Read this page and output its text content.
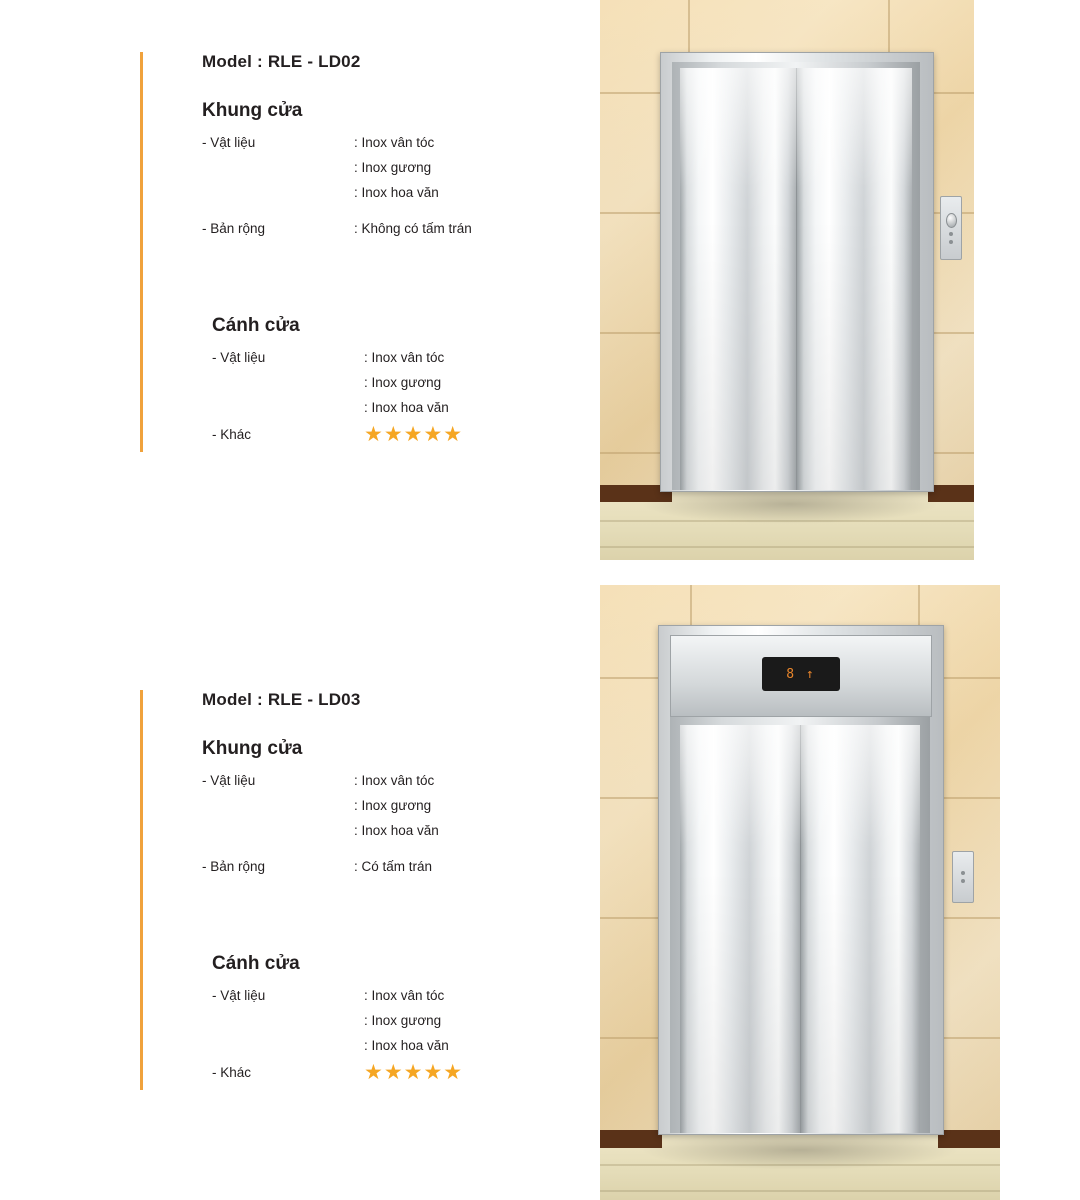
Model : RLE - LD02
Khung cửa
- Vật liệu	: Inox vân tóc
: Inox gương
: Inox hoa văn
- Bản rộng	: Không có tấm trán
Cánh cửa
- Vật liệu	: Inox vân tóc
: Inox gương
: Inox hoa văn
- Khác	★★★★★
Model : RLE - LD03
Khung cửa
- Vật liệu	: Inox vân tóc
: Inox gương
: Inox hoa văn
- Bản rộng	: Có tấm trán
Cánh cửa
- Vật liệu	: Inox vân tóc
: Inox gương
: Inox hoa văn
- Khác	★★★★★
8 ↑
